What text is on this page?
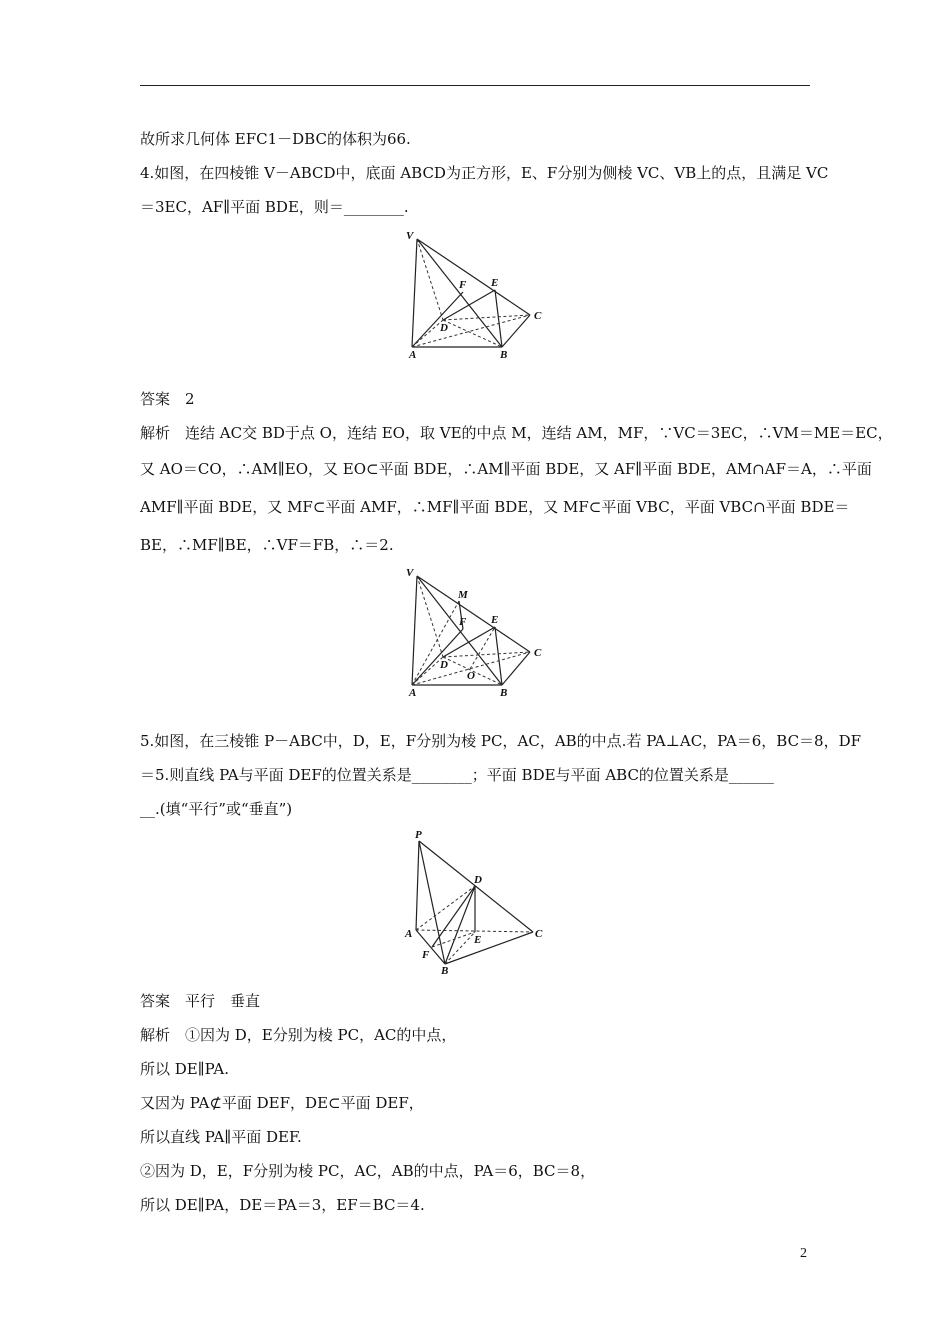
故所求几何体 EFC1－DBC的体积为66.
4.如图，在四棱锥 V－ABCD中，底面 ABCD为正方形，E、F分别为侧棱 VC、VB上的点，且满足 VC
＝3EC，AF∥平面 BDE，则＝________.
答案　2
解析　连结 AC交 BD于点 O，连结 EO，取 VE的中点 M，连结 AM，MF，∵VC＝3EC，∴VM＝ME＝EC，
又 AO＝CO，∴AM∥EO，又 EO⊂平面 BDE，∴AM∥平面 BDE，又 AF∥平面 BDE，AM∩AF＝A，∴平面
AMF∥平面 BDE，又 MF⊂平面 AMF，∴MF∥平面 BDE，又 MF⊂平面 VBC，平面 VBC∩平面 BDE＝
BE，∴MF∥BE，∴VF＝FB，∴＝2.
5.如图，在三棱锥 P－ABC中，D，E，F分别为棱 PC，AC，AB的中点.若 PA⊥AC，PA＝6，BC＝8，DF
＝5.则直线 PA与平面 DEF的位置关系是________；平面 BDE与平面 ABC的位置关系是______
__.(填“平行”或“垂直”)
答案　平行　垂直
解析　①因为 D，E分别为棱 PC，AC的中点，
所以 DE∥PA.
又因为 PA⊄平面 DEF，DE⊂平面 DEF，
所以直线 PA∥平面 DEF.
②因为 D，E，F分别为棱 PC，AC，AB的中点，PA＝6，BC＝8，
所以 DE∥PA，DE＝PA＝3，EF＝BC＝4.
V
F E
D
C
A	B
V
M
F E
D
C
A
O
B
P
D
A	E	C
F
B
2
